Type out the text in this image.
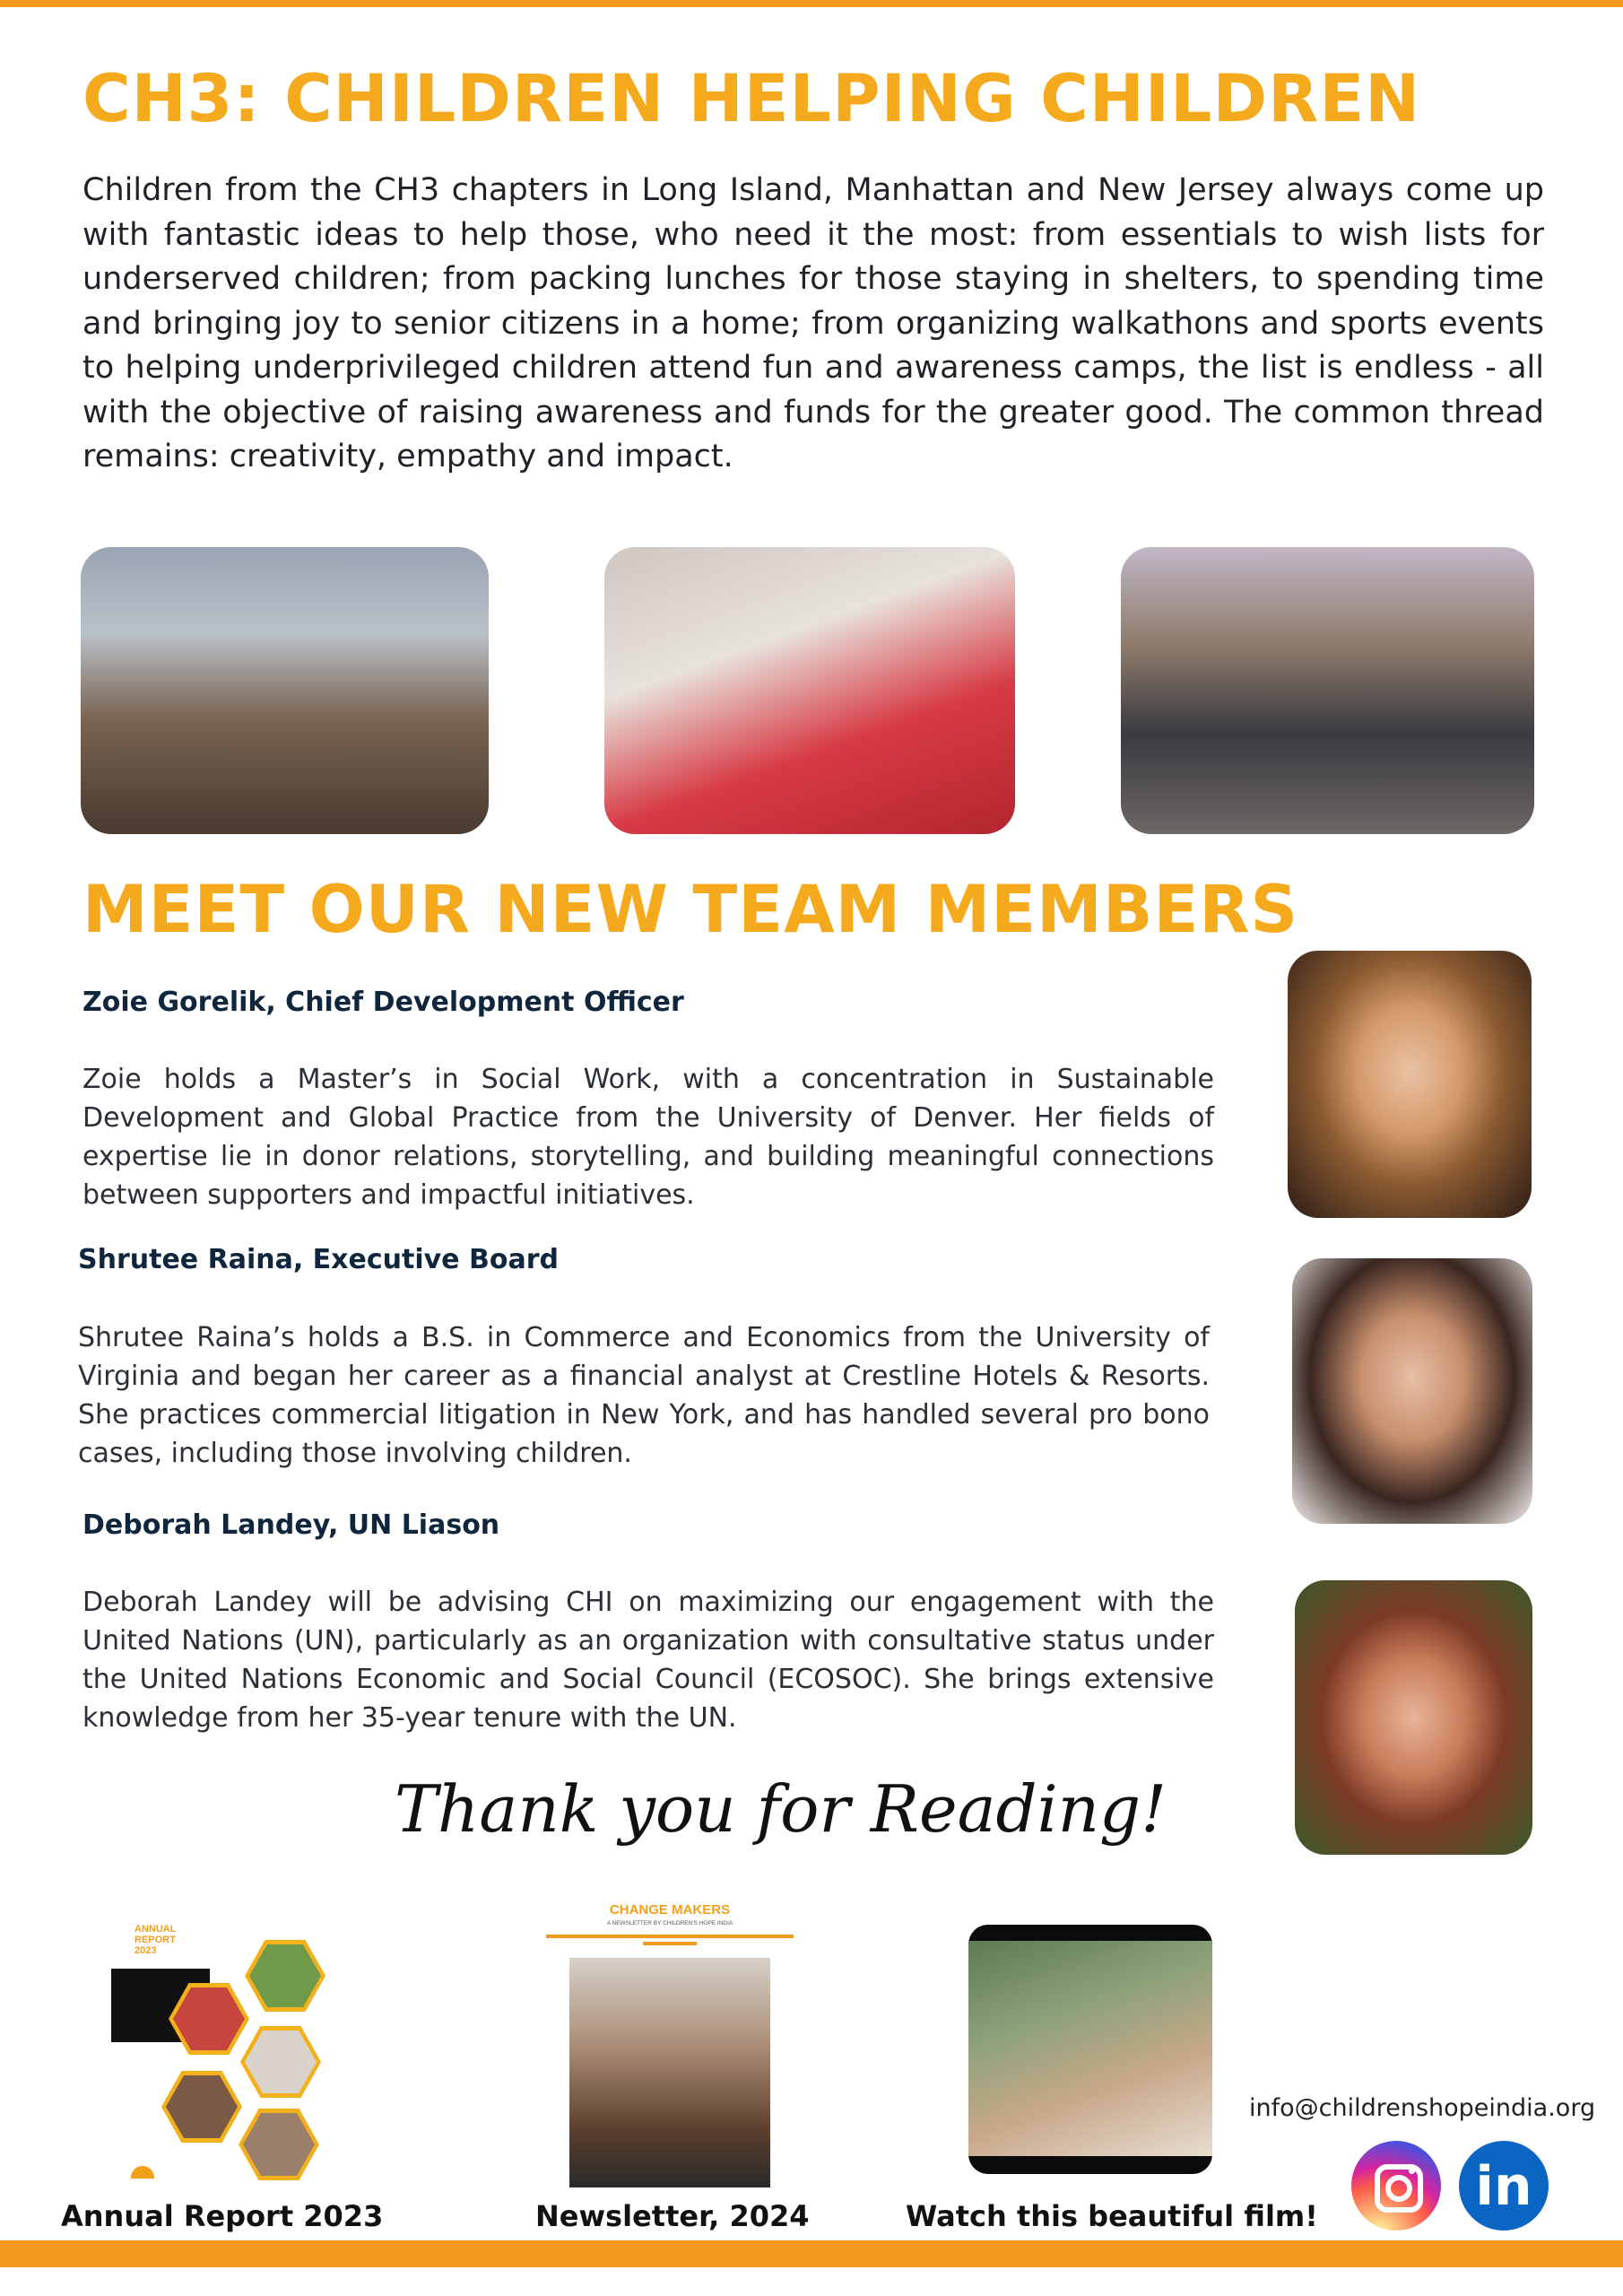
CH3: CHILDREN HELPING CHILDREN

Children from the CH3 chapters in Long Island, Manhattan and New Jersey always come up with fantastic ideas to help those, who need it the most: from essentials to wish lists for underserved children; from packing lunches for those staying in shelters, to spending time and bringing joy to senior citizens in a home; from organizing walkathons and sports events to helping underprivileged children attend fun and awareness camps, the list is endless - all with the objective of raising awareness and funds for the greater good. The common thread remains: creativity, empathy and impact.

MEET OUR NEW TEAM MEMBERS

Zoie Gorelik, Chief Development Officer

Zoie holds a Master’s in Social Work, with a concentration in Sustainable Development and Global Practice from the University of Denver. Her fields of expertise lie in donor relations, storytelling, and building meaningful connections between supporters and impactful initiatives.

Shrutee Raina, Executive Board

Shrutee Raina’s holds a B.S. in Commerce and Economics from the University of Virginia and began her career as a financial analyst at Crestline Hotels & Resorts. She practices commercial litigation in New York, and has handled several pro bono cases, including those involving children.

Deborah Landey, UN Liason

Deborah Landey will be advising CHI on maximizing our engagement with the United Nations (UN), particularly as an organization with consultative status under the United Nations Economic and Social Council (ECOSOC). She brings extensive knowledge from her 35-year tenure with the UN.

Thank you for Reading!

ANNUAL REPORT 2023

CHANGE MAKERS

A NEWSLETTER BY CHILDREN'S HOPE INDIA

Annual Report 2023	Newsletter, 2024	Watch this beautiful film!

info@childrenshopeindia.org

in
